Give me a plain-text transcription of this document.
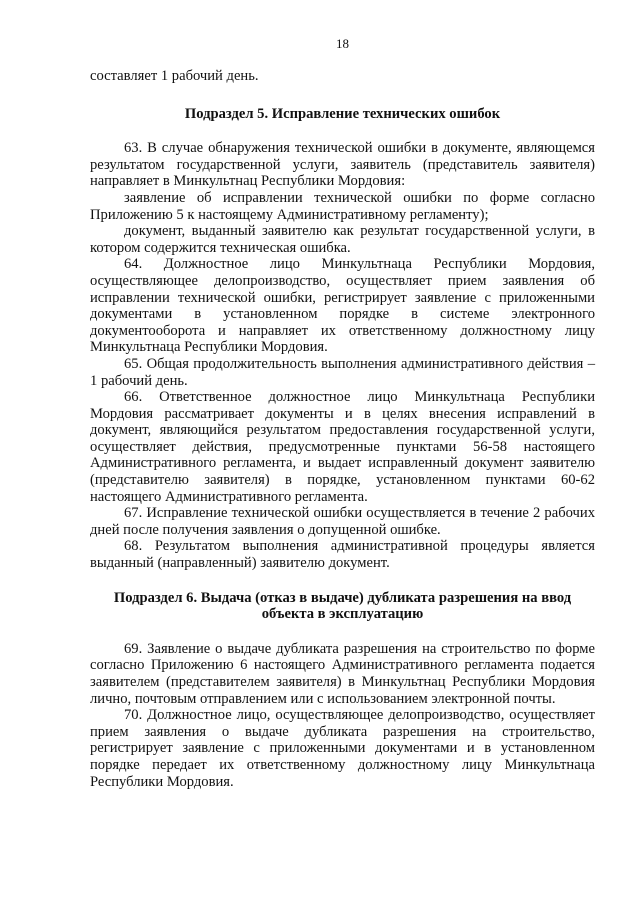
18

составляет 1 рабочий день.

Подраздел 5. Исправление технических ошибок

63. В случае обнаружения технической ошибки в документе, являющемся результатом государственной услуги, заявитель (представитель заявителя) направляет в Минкультнац Республики Мордовия:

заявление об исправлении технической ошибки по форме согласно Приложению 5 к настоящему Административному регламенту);

документ, выданный заявителю как результат государственной услуги, в котором содержится техническая ошибка.

64. Должностное лицо Минкультнаца Республики Мордовия, осуществляющее делопроизводство, осуществляет прием заявления об исправлении технической ошибки, регистрирует заявление с приложенными документами в установленном порядке в системе электронного документооборота и направляет их ответственному должностному лицу Минкультнаца Республики Мордовия.

65. Общая продолжительность выполнения административного действия – 1 рабочий день.

66. Ответственное должностное лицо Минкультнаца Республики Мордовия рассматривает документы и в целях внесения исправлений в документ, являющийся результатом предоставления государственной услуги, осуществляет действия, предусмотренные пунктами 56-58 настоящего Административного регламента, и выдает исправленный документ заявителю (представителю заявителя) в порядке, установленном пунктами 60-62 настоящего Административного регламента.

67. Исправление технической ошибки осуществляется в течение 2 рабочих дней после получения заявления о допущенной ошибке.

68. Результатом выполнения административной процедуры является выданный (направленный) заявителю документ.

Подраздел 6. Выдача (отказ в выдаче) дубликата разрешения на ввод объекта в эксплуатацию

69. Заявление о выдаче дубликата разрешения на строительство по форме согласно Приложению 6 настоящего Административного регламента подается заявителем (представителем заявителя) в Минкультнац Республики Мордовия лично, почтовым отправлением или с использованием электронной почты.

70. Должностное лицо, осуществляющее делопроизводство, осуществляет прием заявления о выдаче дубликата разрешения на строительство, регистрирует заявление с приложенными документами и в установленном порядке передает их ответственному должностному лицу Минкультнаца Республики Мордовия.
